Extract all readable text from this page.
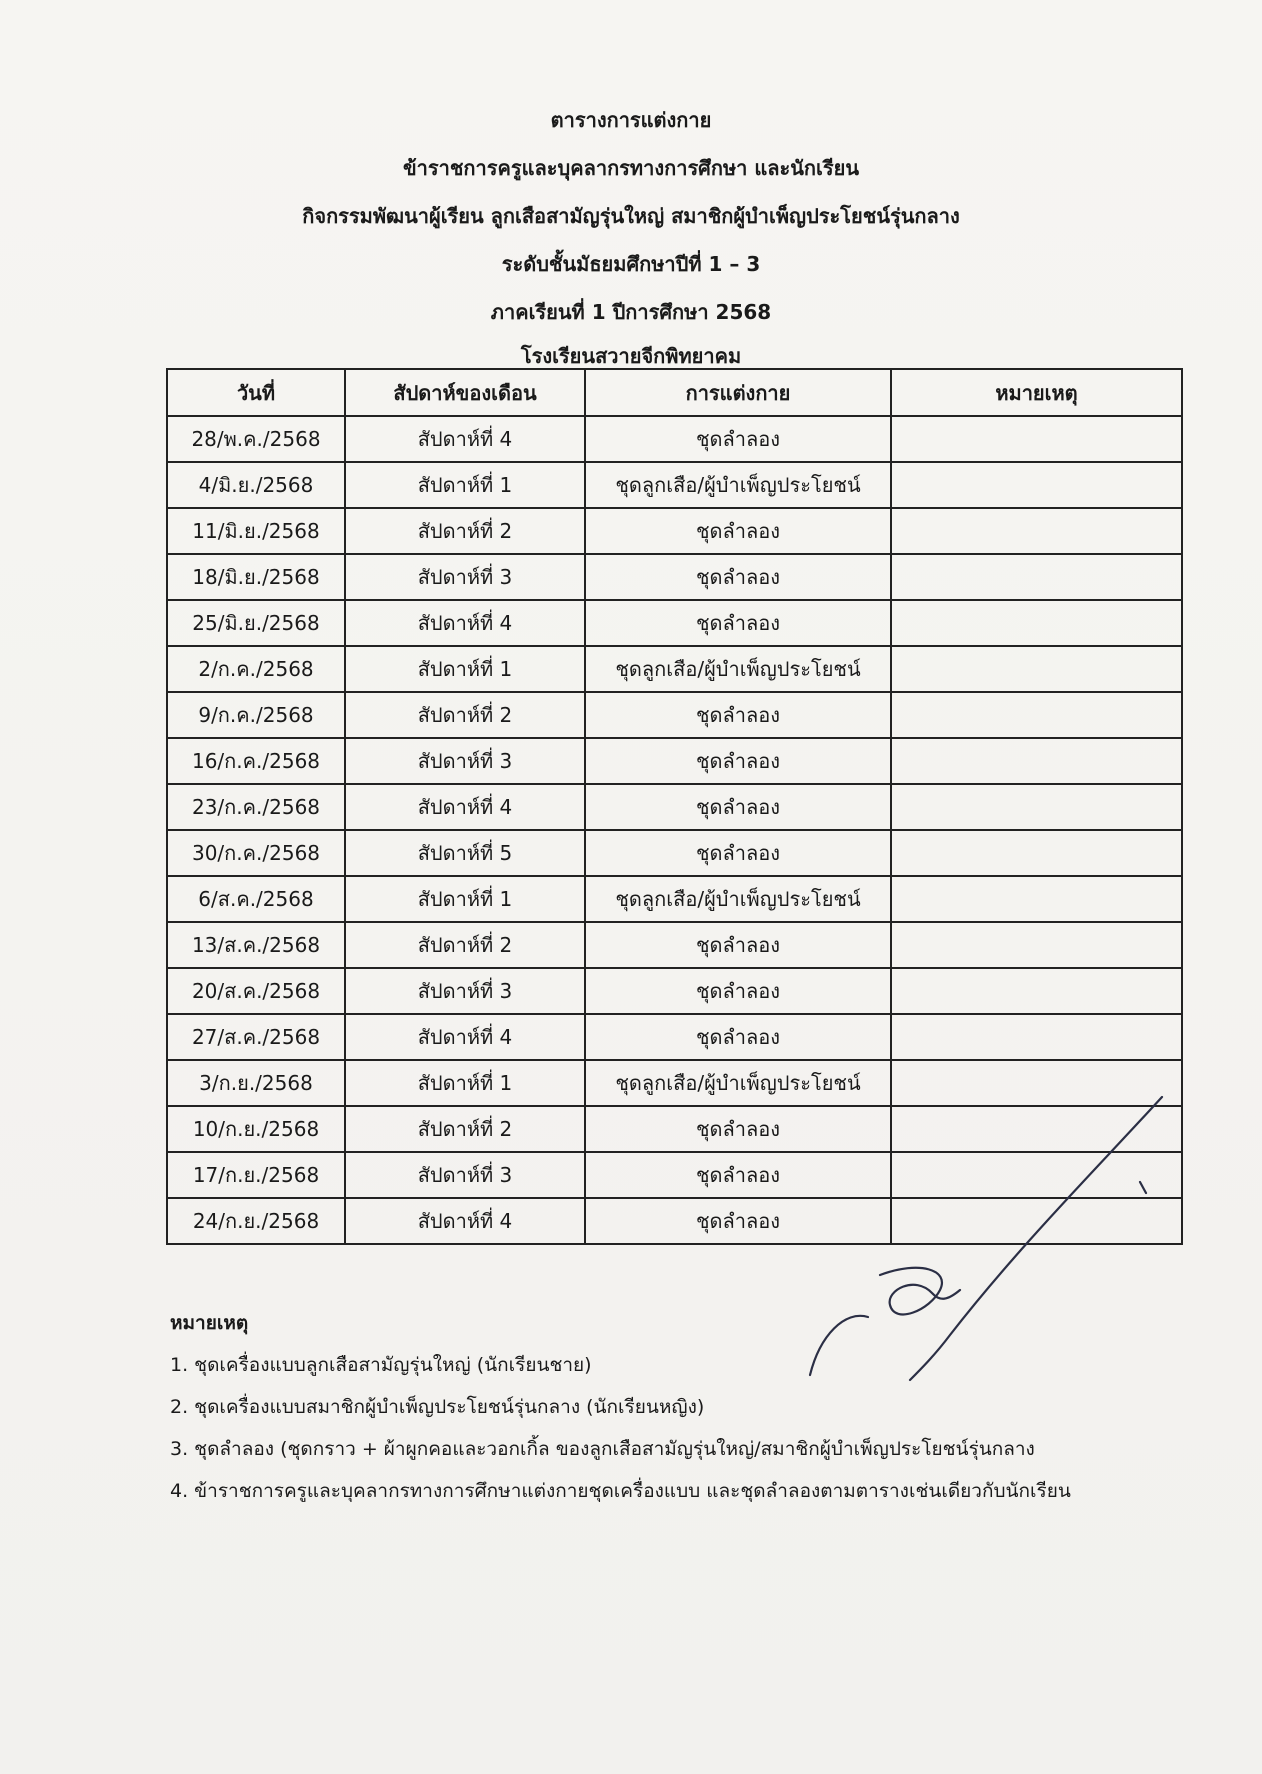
ตารางการแต่งกาย
ข้าราชการครูและบุคลากรทางการศึกษา และนักเรียน
กิจกรรมพัฒนาผู้เรียน ลูกเสือสามัญรุ่นใหญ่ สมาชิกผู้บำเพ็ญประโยชน์รุ่นกลาง
ระดับชั้นมัธยมศึกษาปีที่ 1 – 3
ภาคเรียนที่ 1 ปีการศึกษา 2568
โรงเรียนสวายจีกพิทยาคม
วันที่	สัปดาห์ของเดือน	การแต่งกาย	หมายเหตุ
28/พ.ค./2568	สัปดาห์ที่ 4	ชุดลำลอง	
4/มิ.ย./2568	สัปดาห์ที่ 1	ชุดลูกเสือ/ผู้บำเพ็ญประโยชน์	
11/มิ.ย./2568	สัปดาห์ที่ 2	ชุดลำลอง	
18/มิ.ย./2568	สัปดาห์ที่ 3	ชุดลำลอง	
25/มิ.ย./2568	สัปดาห์ที่ 4	ชุดลำลอง	
2/ก.ค./2568	สัปดาห์ที่ 1	ชุดลูกเสือ/ผู้บำเพ็ญประโยชน์	
9/ก.ค./2568	สัปดาห์ที่ 2	ชุดลำลอง	
16/ก.ค./2568	สัปดาห์ที่ 3	ชุดลำลอง	
23/ก.ค./2568	สัปดาห์ที่ 4	ชุดลำลอง	
30/ก.ค./2568	สัปดาห์ที่ 5	ชุดลำลอง	
6/ส.ค./2568	สัปดาห์ที่ 1	ชุดลูกเสือ/ผู้บำเพ็ญประโยชน์	
13/ส.ค./2568	สัปดาห์ที่ 2	ชุดลำลอง	
20/ส.ค./2568	สัปดาห์ที่ 3	ชุดลำลอง	
27/ส.ค./2568	สัปดาห์ที่ 4	ชุดลำลอง	
3/ก.ย./2568	สัปดาห์ที่ 1	ชุดลูกเสือ/ผู้บำเพ็ญประโยชน์	
10/ก.ย./2568	สัปดาห์ที่ 2	ชุดลำลอง	
17/ก.ย./2568	สัปดาห์ที่ 3	ชุดลำลอง	
24/ก.ย./2568	สัปดาห์ที่ 4	ชุดลำลอง	
หมายเหตุ
1. ชุดเครื่องแบบลูกเสือสามัญรุ่นใหญ่ (นักเรียนชาย)
2. ชุดเครื่องแบบสมาชิกผู้บำเพ็ญประโยชน์รุ่นกลาง (นักเรียนหญิง)
3. ชุดลำลอง (ชุดกราว + ผ้าผูกคอและวอกเกิ้ล ของลูกเสือสามัญรุ่นใหญ่/สมาชิกผู้บำเพ็ญประโยชน์รุ่นกลาง
4. ข้าราชการครูและบุคลากรทางการศึกษาแต่งกายชุดเครื่องแบบ และชุดลำลองตามตารางเช่นเดียวกับนักเรียน
